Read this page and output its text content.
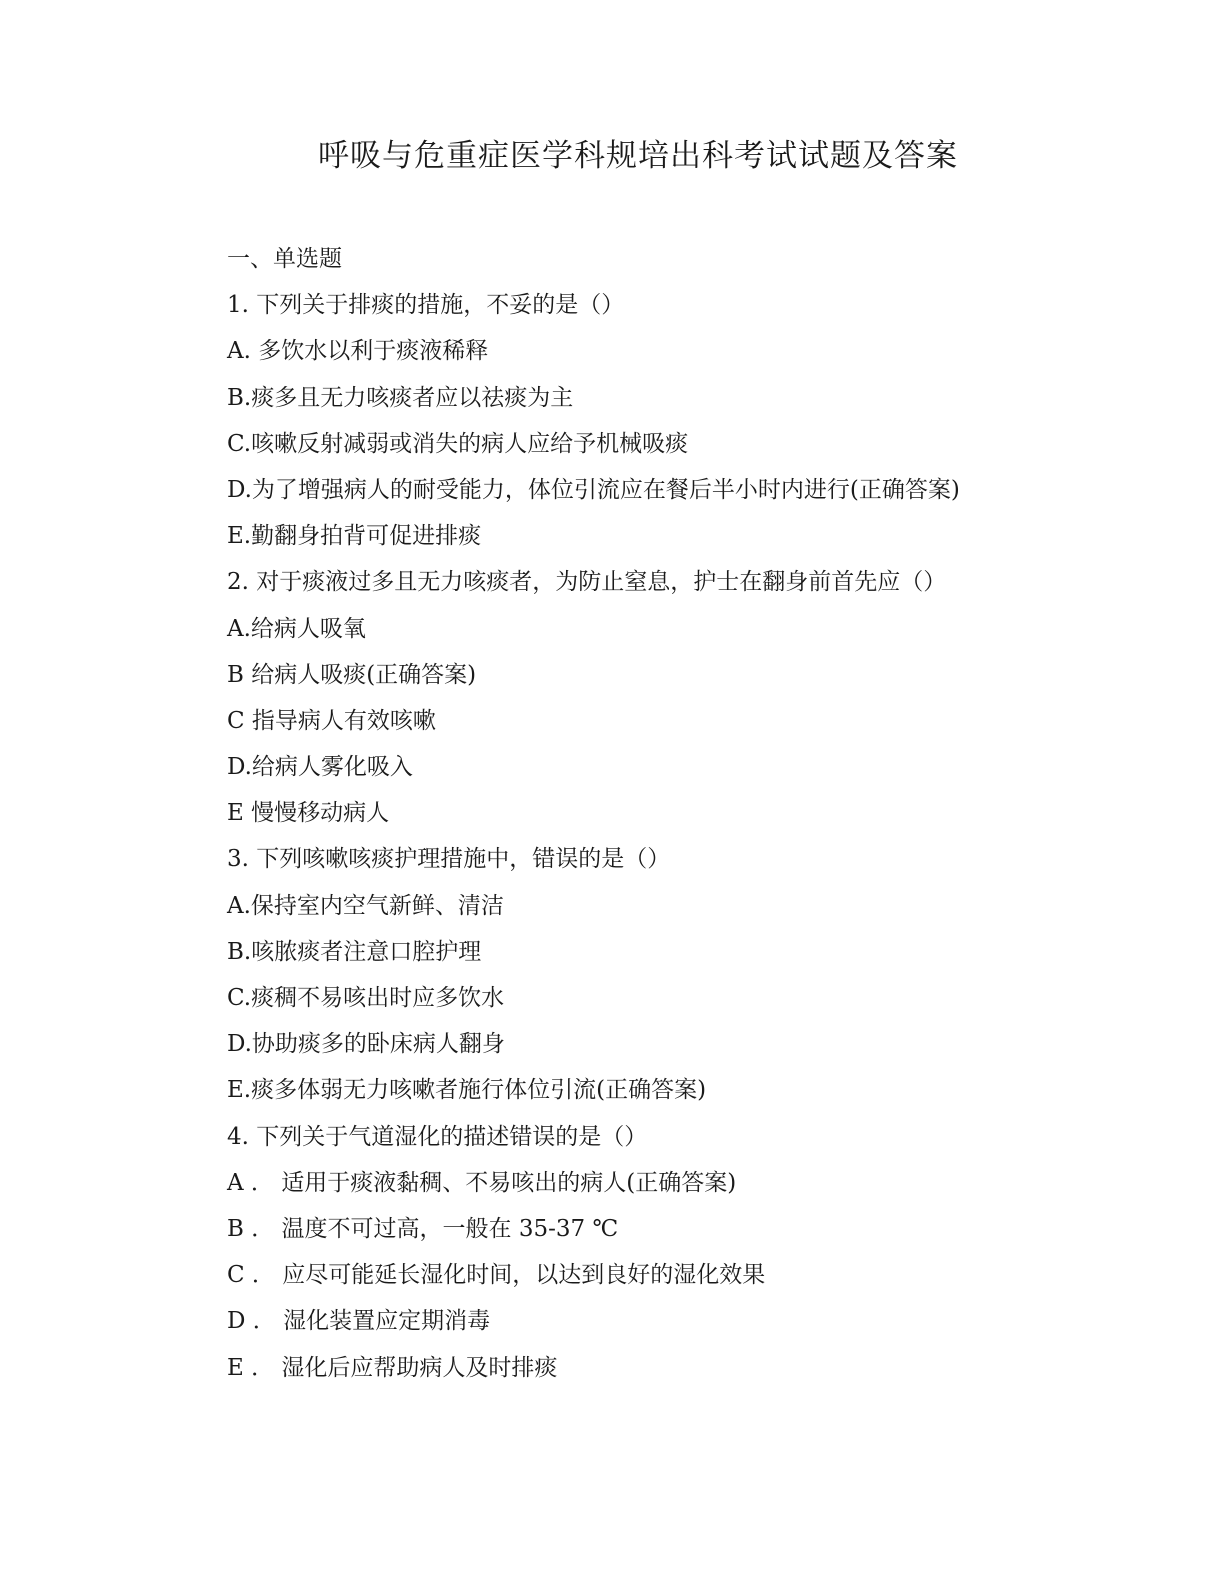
呼吸与危重症医学科规培出科考试试题及答案
一、单选题
1. 下列关于排痰的措施，不妥的是（）
A. 多饮水以利于痰液稀释
B.痰多且无力咳痰者应以祛痰为主
C.咳嗽反射减弱或消失的病人应给予机械吸痰
D.为了增强病人的耐受能力，体位引流应在餐后半小时内进行(正确答案)
E.勤翻身拍背可促进排痰
2. 对于痰液过多且无力咳痰者，为防止窒息，护士在翻身前首先应（）
A.给病人吸氧
B 给病人吸痰(正确答案)
C 指导病人有效咳嗽
D.给病人雾化吸入
E 慢慢移动病人
3. 下列咳嗽咳痰护理措施中，错误的是（）
A.保持室内空气新鲜、清洁
B.咳脓痰者注意口腔护理
C.痰稠不易咳出时应多饮水
D.协助痰多的卧床病人翻身
E.痰多体弱无力咳嗽者施行体位引流(正确答案)
4. 下列关于气道湿化的描述错误的是（）
A ． 适用于痰液黏稠、不易咳出的病人(正确答案)
B ． 温度不可过高，一般在 35-37 ℃
C ． 应尽可能延长湿化时间，以达到良好的湿化效果
D ． 湿化装置应定期消毒
E ． 湿化后应帮助病人及时排痰
